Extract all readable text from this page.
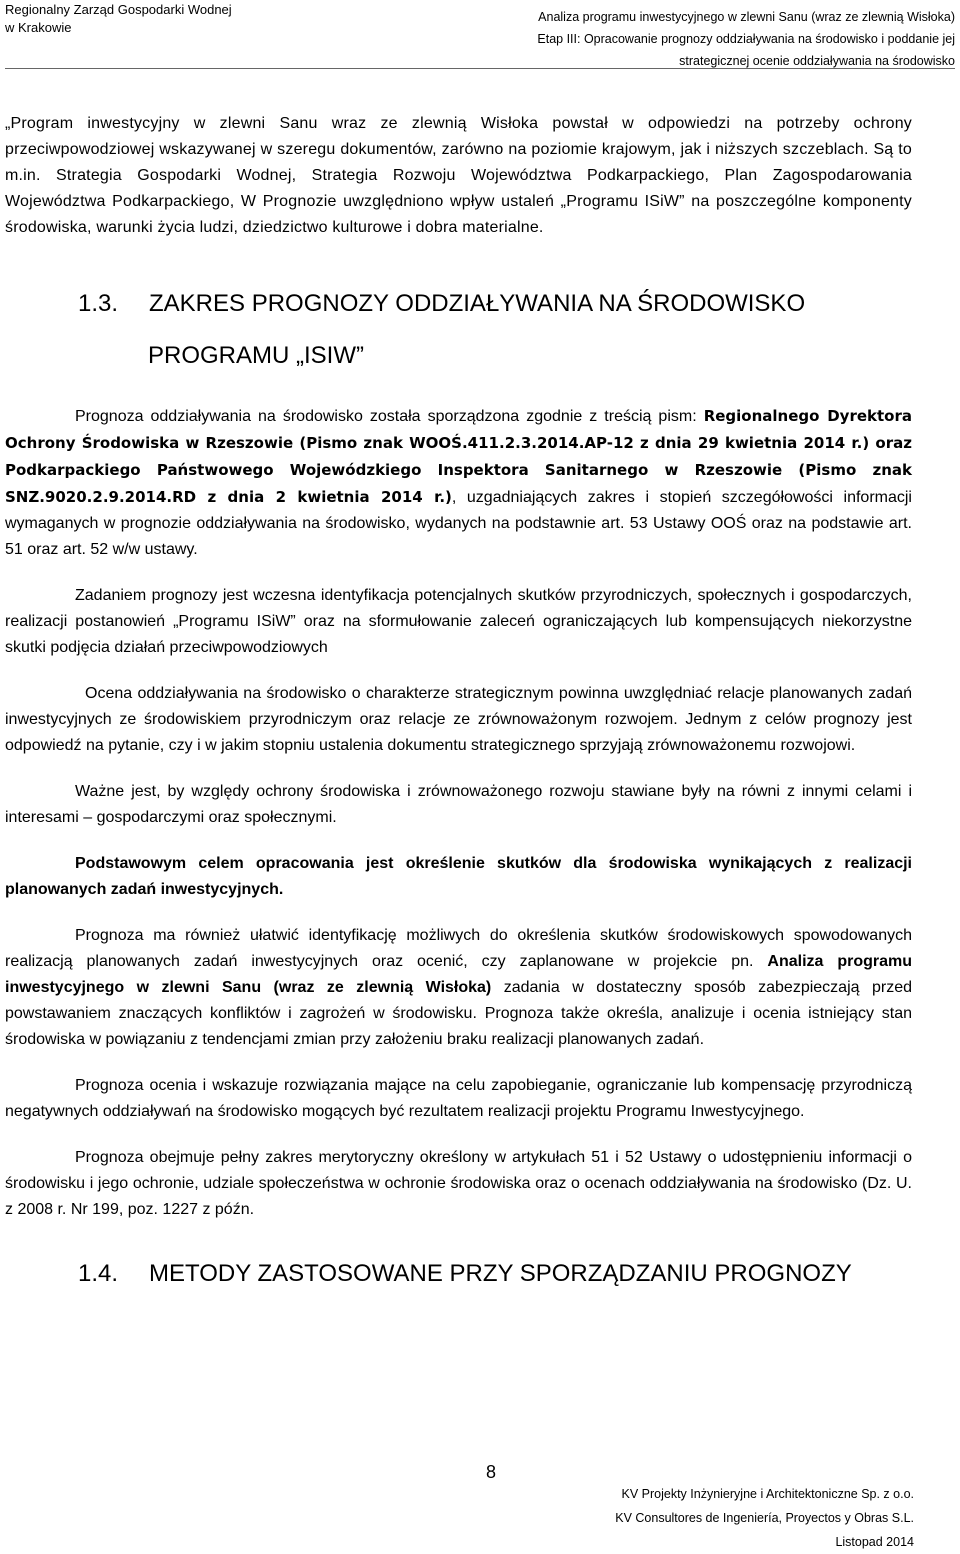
Regionalny Zarząd Gospodarki Wodnej
w Krakowie
Analiza programu inwestycyjnego w zlewni Sanu (wraz ze zlewnią Wisłoka)
Etap III: Opracowanie prognozy oddziaływania na środowisko i poddanie jej
strategicznej ocenie oddziaływania na środowisko

„Program inwestycyjny w zlewni Sanu wraz ze zlewnią Wisłoka powstał w odpowiedzi na potrzeby ochrony przeciwpowodziowej wskazywanej w szeregu dokumentów, zarówno na poziomie krajowym, jak i niższych szczeblach. Są to m.in. Strategia Gospodarki Wodnej, Strategia Rozwoju Województwa Podkarpackiego, Plan Zagospodarowania Województwa Podkarpackiego, W Prognozie uwzględniono wpływ ustaleń „Programu ISiW” na poszczególne komponenty środowiska, warunki życia ludzi, dziedzictwo kulturowe i dobra materialne.

1.3.	ZAKRES PROGNOZY ODDZIAŁYWANIA NA ŚRODOWISKO
PROGRAMU „ISIW”

Prognoza oddziaływania na środowisko została sporządzona zgodnie z treścią pism: Regionalnego Dyrektora Ochrony Środowiska w Rzeszowie (Pismo znak WOOŚ.411.2.3.2014.AP-12 z dnia 29 kwietnia 2014 r.) oraz Podkarpackiego Państwowego Wojewódzkiego Inspektora Sanitarnego w Rzeszowie (Pismo znak SNZ.9020.2.9.2014.RD z dnia 2 kwietnia 2014 r.), uzgadniających zakres i stopień szczegółowości informacji wymaganych w prognozie oddziaływania na środowisko, wydanych na podstawnie art. 53 Ustawy OOŚ oraz na podstawie art. 51 oraz art. 52 w/w ustawy.

Zadaniem prognozy jest wczesna identyfikacja potencjalnych skutków przyrodniczych, społecznych i gospodarczych, realizacji postanowień „Programu ISiW” oraz na sformułowanie zaleceń ograniczających lub kompensujących niekorzystne skutki podjęcia działań przeciwpowodziowych

Ocena oddziaływania na środowisko o charakterze strategicznym powinna uwzględniać relacje planowanych zadań inwestycyjnych ze środowiskiem przyrodniczym oraz relacje ze zrównoważonym rozwojem. Jednym z celów prognozy jest odpowiedź na pytanie, czy i w jakim stopniu ustalenia dokumentu strategicznego sprzyjają zrównoważonemu rozwojowi.

Ważne jest, by względy ochrony środowiska i zrównoważonego rozwoju stawiane były na równi z innymi celami i interesami – gospodarczymi oraz społecznymi.

Podstawowym celem opracowania jest określenie skutków dla środowiska wynikających z realizacji planowanych zadań inwestycyjnych.

Prognoza ma również ułatwić identyfikację możliwych do określenia skutków środowiskowych spowodowanych realizacją planowanych zadań inwestycyjnych oraz ocenić, czy zaplanowane w projekcie pn. Analiza programu inwestycyjnego w zlewni Sanu (wraz ze zlewnią Wisłoka) zadania w dostateczny sposób zabezpieczają przed powstawaniem znaczących konfliktów i zagrożeń w środowisku. Prognoza także określa, analizuje i ocenia istniejący stan środowiska w powiązaniu z tendencjami zmian przy założeniu braku realizacji planowanych zadań.

Prognoza ocenia i wskazuje rozwiązania mające na celu zapobieganie, ograniczanie lub kompensację przyrodniczą negatywnych oddziaływań na środowisko mogących być rezultatem realizacji projektu Programu Inwestycyjnego.

Prognoza obejmuje pełny zakres merytoryczny określony w artykułach 51 i 52 Ustawy o udostępnieniu informacji o środowisku i jego ochronie, udziale społeczeństwa w ochronie środowiska oraz o ocenach oddziaływania na środowisko (Dz. U. z 2008 r. Nr 199, poz. 1227 z późn.

1.4.	METODY ZASTOSOWANE PRZY SPORZĄDZANIU PROGNOZY
8
KV Projekty Inżynieryjne i Architektoniczne Sp. z o.o.
KV Consultores de Ingeniería, Proyectos y Obras S.L.
Listopad 2014
